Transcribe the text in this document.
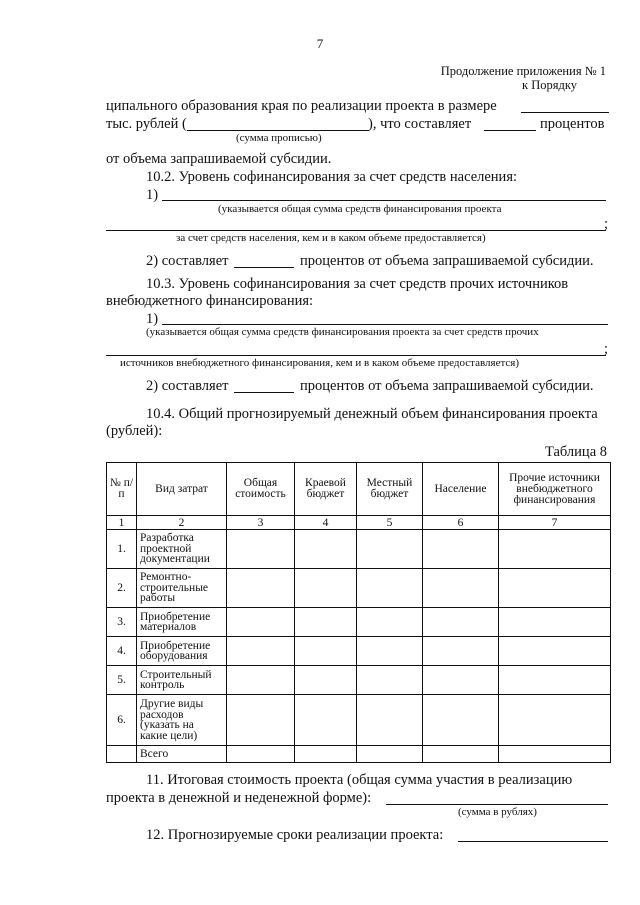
7
Продолжение приложения № 1
к Порядку
ципального образования края по реализации проекта в размере
тыс. рублей (	), что составляет	процентов
(сумма прописью)
от объема запрашиваемой субсидии.
10.2. Уровень софинансирования за счет средств населения:
1)
(указывается общая сумма средств финансирования проекта
;
за счет средств населения, кем и в каком объеме предоставляется)
2) составляет	процентов от объема запрашиваемой субсидии.
10.3. Уровень софинансирования за счет средств прочих источников
внебюджетного финансирования:
1)
(указывается общая сумма средств финансирования проекта за счет средств прочих
;
источников внебюджетного финансирования, кем и в каком объеме предоставляется)
2) составляет	процентов от объема запрашиваемой субсидии.
10.4. Общий прогнозируемый денежный объем финансирования проекта
(рублей):
Таблица 8
№ п/п	Вид затрат	Общая стоимость	Краевой бюджет	Местный бюджет	Население	Прочие источники внебюджетного финансирования
1	2	3	4	5	6	7
1.	Разработка проектной документации					
2.	Ремонтно-строительные работы					
3.	Приобретение материалов					
4.	Приобретение оборудования					
5.	Строительный контроль					
6.	Другие виды расходов (указать на какие цели)					
	Всего					
11. Итоговая стоимость проекта (общая сумма участия в реализацию
проекта в денежной и неденежной форме):
(сумма в рублях)
12. Прогнозируемые сроки реализации проекта:
